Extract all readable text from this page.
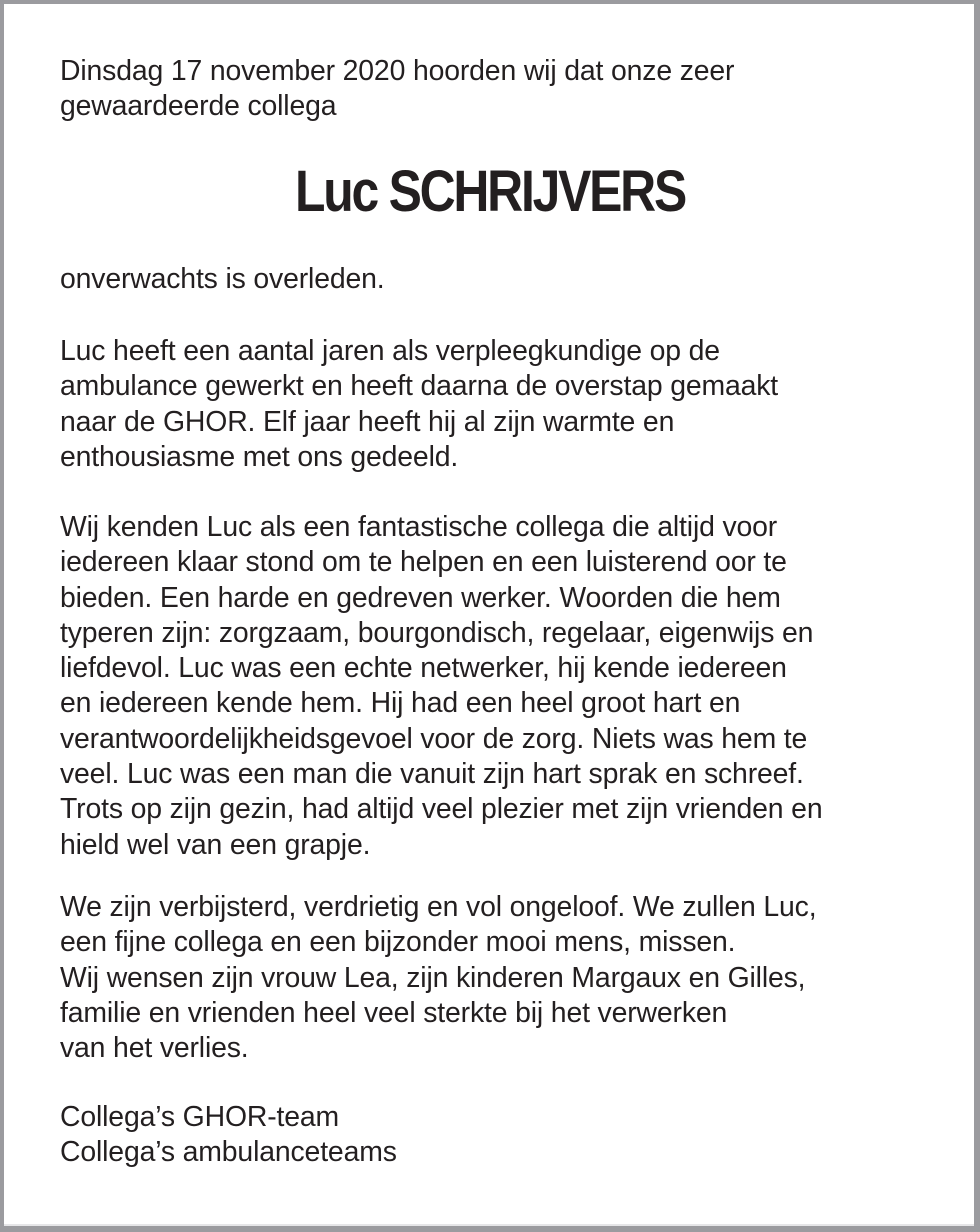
Dinsdag 17 november 2020 hoorden wij dat onze zeer
gewaardeerde collega

Luc SCHRIJVERS

onverwachts is overleden.

Luc heeft een aantal jaren als verpleegkundige op de
ambulance gewerkt en heeft daarna de overstap gemaakt
naar de GHOR. Elf jaar heeft hij al zijn warmte en
enthousiasme met ons gedeeld.

Wij kenden Luc als een fantastische collega die altijd voor
iedereen klaar stond om te helpen en een luisterend oor te
bieden. Een harde en gedreven werker. Woorden die hem
typeren zijn: zorgzaam, bourgondisch, regelaar, eigenwijs en
liefdevol. Luc was een echte netwerker, hij kende iedereen
en iedereen kende hem. Hij had een heel groot hart en
verantwoordelijkheidsgevoel voor de zorg. Niets was hem te
veel. Luc was een man die vanuit zijn hart sprak en schreef.
Trots op zijn gezin, had altijd veel plezier met zijn vrienden en
hield wel van een grapje.

We zijn verbijsterd, verdrietig en vol ongeloof. We zullen Luc,
een fijne collega en een bijzonder mooi mens, missen.
Wij wensen zijn vrouw Lea, zijn kinderen Margaux en Gilles,
familie en vrienden heel veel sterkte bij het verwerken
van het verlies.

Collega’s GHOR-team
Collega’s ambulanceteams
